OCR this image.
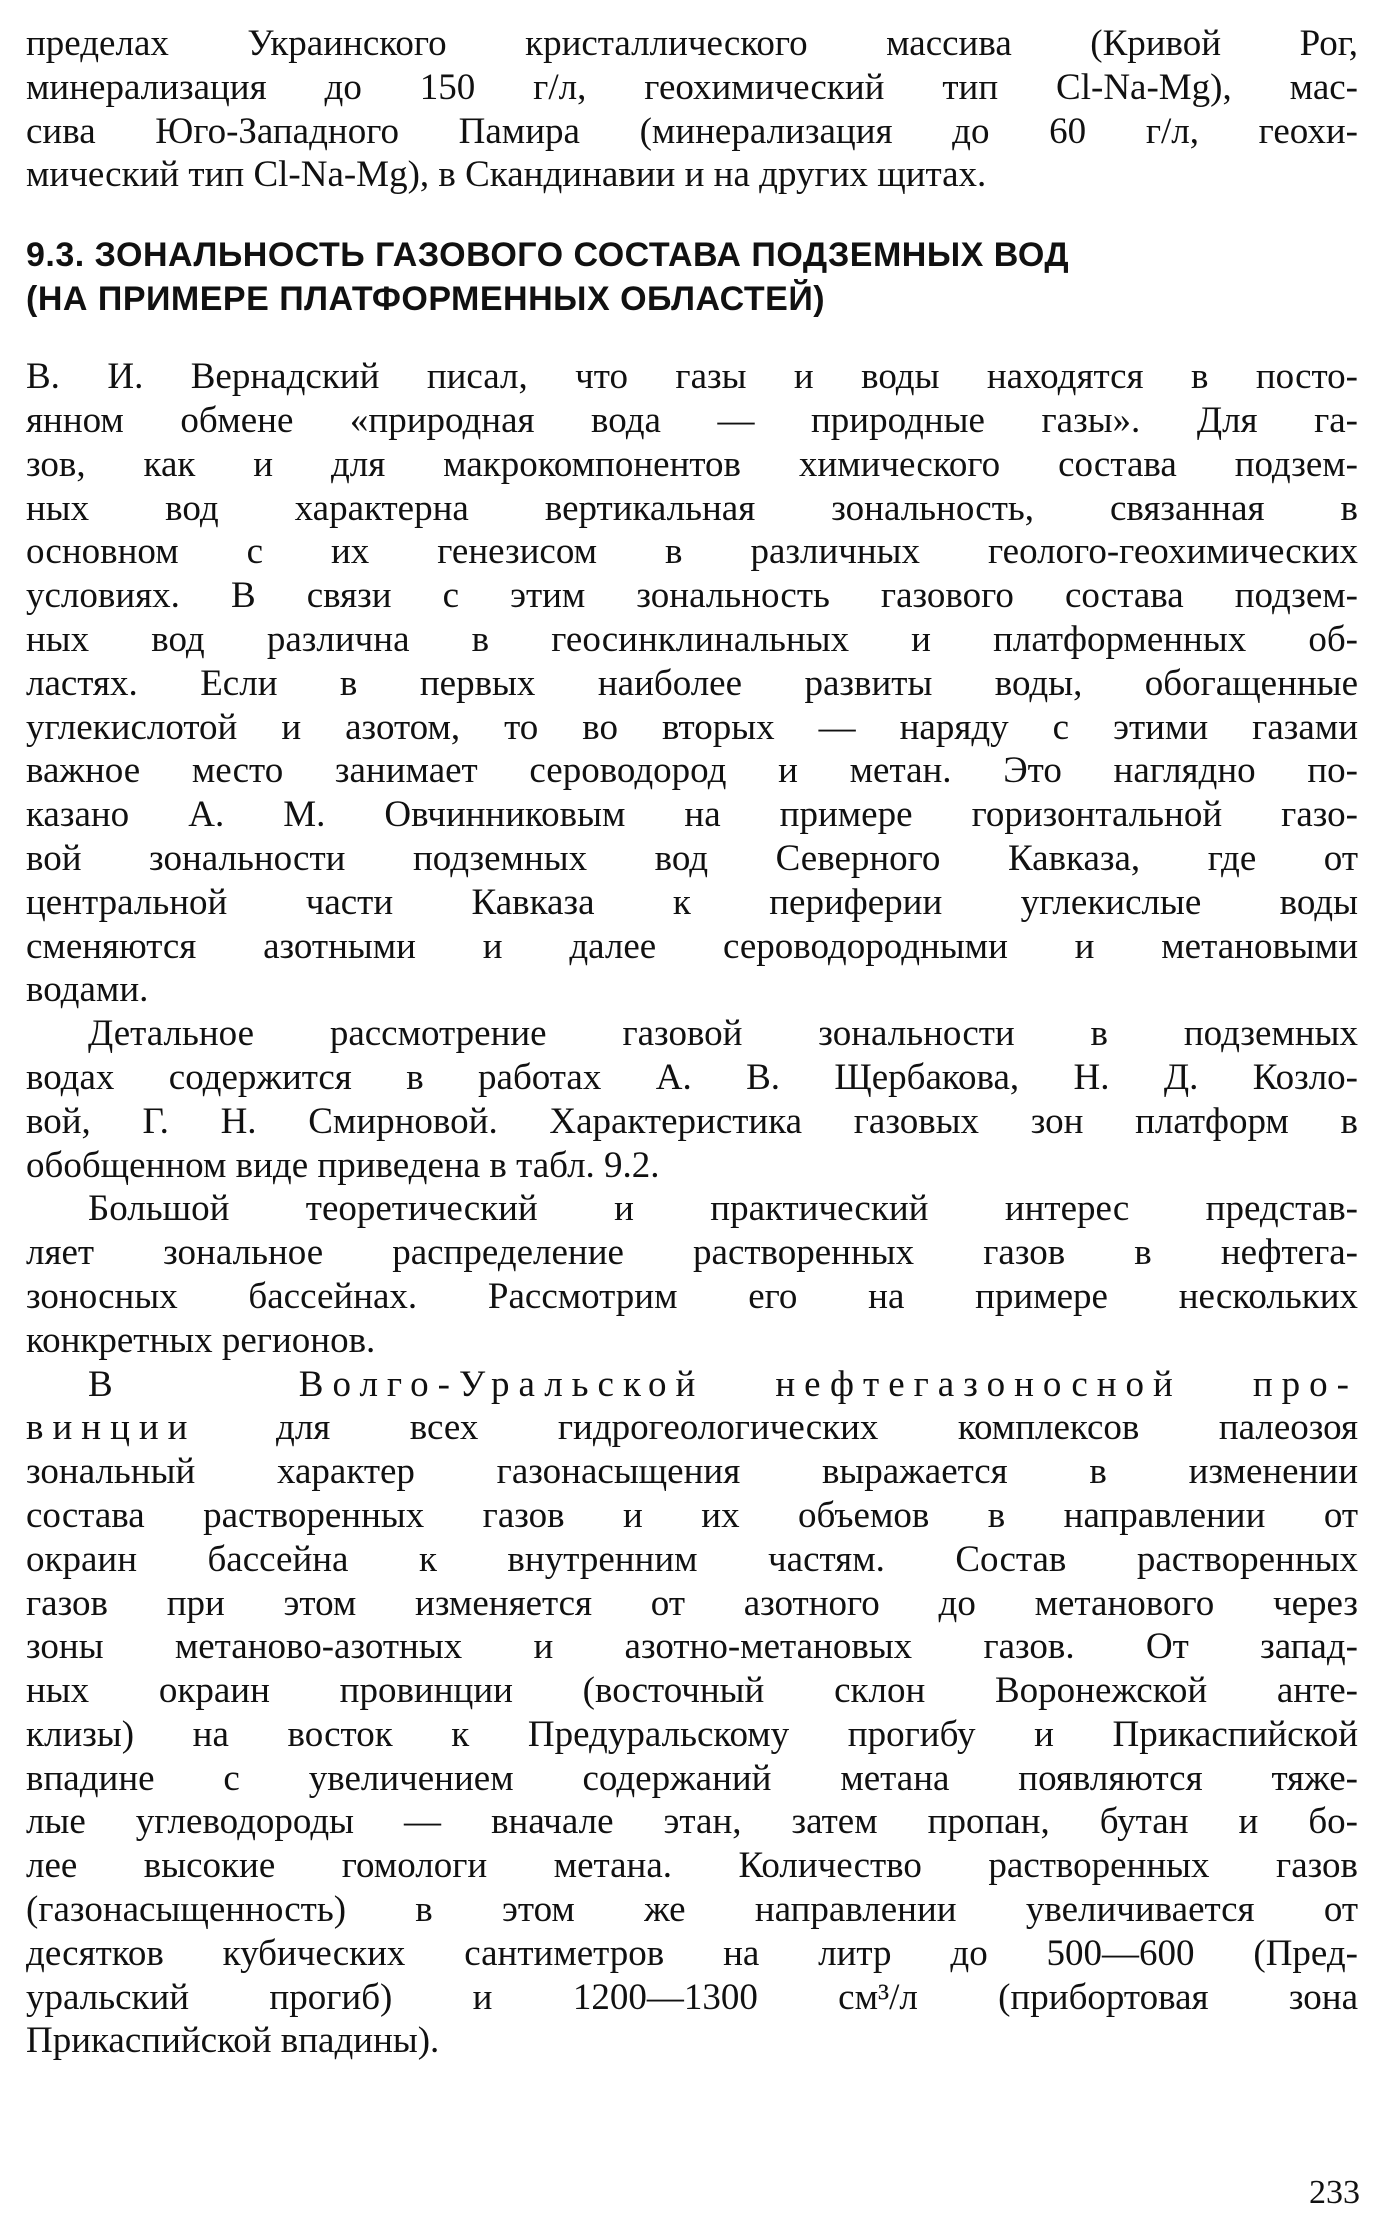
пределах Украинского кристаллического массива (Кривой Рог,
минерализация до 150 г/л, геохимический тип Cl-Na-Mg), мас-
сива Юго-Западного Памира (минерализация до 60 г/л, геохи-
мический тип Cl-Na-Mg), в Скандинавии и на других щитах.
9.3. ЗОНАЛЬНОСТЬ ГАЗОВОГО СОСТАВА ПОДЗЕМНЫХ ВОД
(НА ПРИМЕРЕ ПЛАТФОРМЕННЫХ ОБЛАСТЕЙ)
В. И. Вернадский писал, что газы и воды находятся в посто-
янном обмене «природная вода — природные газы». Для га-
зов, как и для макрокомпонентов химического состава подзем-
ных вод характерна вертикальная зональность, связанная в
основном с их генезисом в различных геолого-геохимических
условиях. В связи с этим зональность газового состава подзем-
ных вод различна в геосинклинальных и платформенных об-
ластях. Если в первых наиболее развиты воды, обогащенные
углекислотой и азотом, то во вторых — наряду с этими газами
важное место занимает сероводород и метан. Это наглядно по-
казано А. М. Овчинниковым на примере горизонтальной газо-
вой зональности подземных вод Северного Кавказа, где от
центральной части Кавказа к периферии углекислые воды
сменяются азотными и далее сероводородными и метановыми
водами.
Детальное рассмотрение газовой зональности в подземных
водах содержится в работах А. В. Щербакова, Н. Д. Козло-
вой, Г. Н. Смирновой. Характеристика газовых зон платформ в
обобщенном виде приведена в табл. 9.2.
Большой теоретический и практический интерес представ-
ляет зональное распределение растворенных газов в нефтега-
зоносных бассейнах. Рассмотрим его на примере нескольких
конкретных регионов.
В	Волго-Уральской нефтегазоносной про-
винции для всех гидрогеологических комплексов палеозоя
зональный характер газонасыщения выражается в изменении
состава растворенных газов и их объемов в направлении от
окраин бассейна к внутренним частям. Состав растворенных
газов при этом изменяется от азотного до метанового через
зоны метаново-азотных и азотно-метановых газов. От запад-
ных окраин провинции (восточный склон Воронежской анте-
клизы) на восток к Предуральскому прогибу и Прикаспийской
впадине с увеличением содержаний метана появляются тяже-
лые углеводороды — вначале этан, затем пропан, бутан и бо-
лее высокие гомологи метана. Количество растворенных газов
(газонасыщенность) в этом же направлении увеличивается от
десятков кубических сантиметров на литр до 500—600 (Пред-
уральский прогиб) и 1200—1300 см³/л (прибортовая зона
Прикаспийской впадины).
233
